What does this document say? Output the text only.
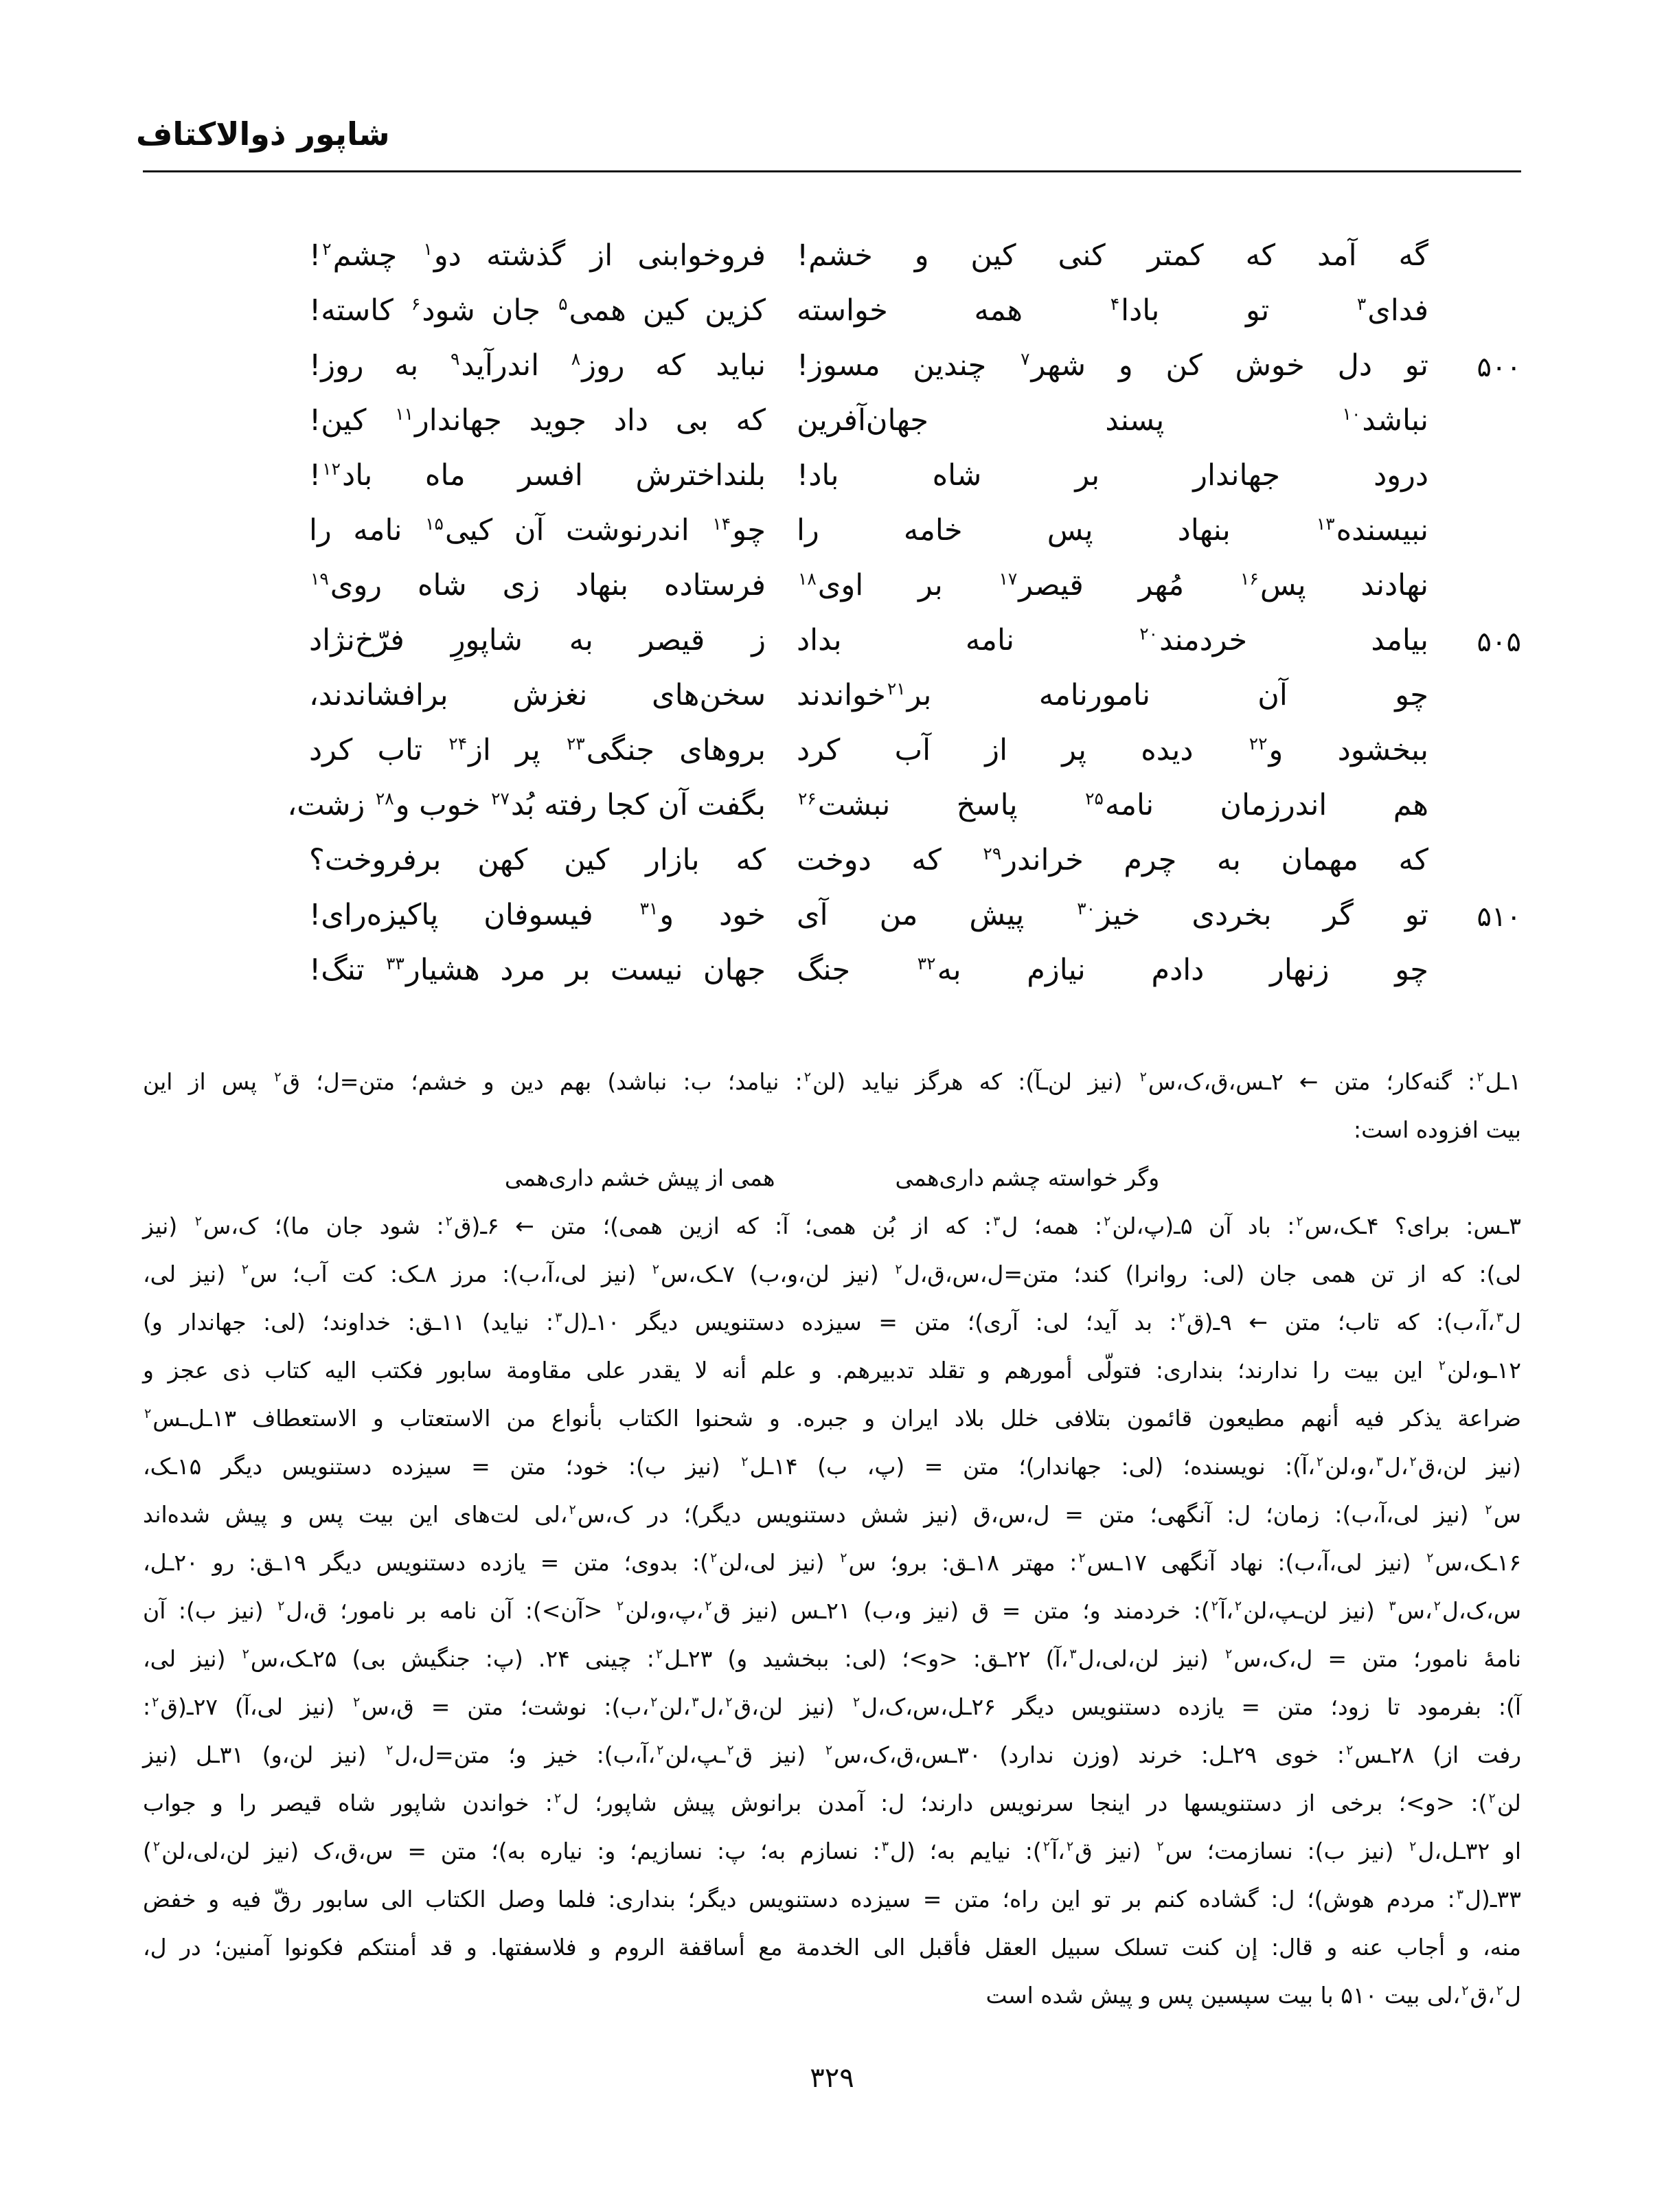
شاپور ذوالاکتاف
گه آمد که کمتر کنی کین و خشم!
فروخوابنی از گذشته دو$^۱$ چشم$^۲$!
فدای$^۳$ تو بادا$^۴$ همه خواسته
کزین کین همی$^۵$ جان شود$^۶$ کاسته!
۵۰۰
تو دل خوش کن و شهر$^۷$ چندین مسوز!
نباید که روز$^۸$ اندرآید$^۹$ به روز!
نباشد$^{۱۰}$ پسند جهان‌آفرین
که بی داد جوید جهاندار$^{۱۱}$ کین!
درود جهاندار بر شاه باد!
بلنداخترش افسر ماه باد$^{۱۲}$!
نبیسنده$^{۱۳}$ بنهاد پس خامه را
چو$^{۱۴}$ اندرنوشت آن کیی$^{۱۵}$ نامه را
نهادند پس$^{۱۶}$ مُهر قیصر$^{۱۷}$ بر اوی$^{۱۸}$
فرستاده بنهاد زی شاه روی$^{۱۹}$
۵۰۵
بیامد خردمند$^{۲۰}$ نامه بداد
ز قیصر به شاپورِ فرّخ‌نژاد
چو آن نامورنامه بر$^{۲۱}$خواندند
سخن‌های نغزش برافشاندند،
ببخشود و$^{۲۲}$ دیده پر از آب کرد
بروهای جنگی$^{۲۳}$ پر از$^{۲۴}$ تاب کرد
هم اندرزمان نامه$^{۲۵}$ پاسخ نبشت$^{۲۶}$
بگفت آن کجا رفته بُد$^{۲۷}$ خوب و$^{۲۸}$ زشت،
که مهمان به چرم خراندر$^{۲۹}$ که دوخت
که بازار کین کهن برفروخت؟
۵۱۰
تو گر بخردی خیز$^{۳۰}$ پیش من آی
خود و$^{۳۱}$ فیسوفان پاکیزه‌رای!
چو زنهار دادم نیازم به$^{۳۲}$ جنگ
جهان نیست بر مرد هشیار$^{۳۳}$ تنگ!
۱ـل$^۲$: گنه‌کار؛ متن ← ۲ـس،ق،ک،س$^۲$ (نیز لن‌ـآ): که هرگز نیاید (لن$^۲$: نیامد؛ ب: نباشد) بهم دین و خشم؛ متن=ل؛ ق$^۲$ پس از این
بیت افزوده است:
وگر خواسته چشم داری‌همی
همی از پیش خشم داری‌همی
۳ـس: برای؟ ۴ـک،س$^۲$: باد آن ۵ـ(پ،لن$^۲$: همه؛ ل$^۳$: که از بُن همی؛ آ: که ازین همی)؛ متن ← ۶ـ(ق$^۲$: شود جان ما)؛ ک،س$^۲$ (نیز
لی): که از تن همی جان (لی: روانرا) کند؛ متن=ل،س،ق،ل$^۲$ (نیز لن،و،ب) ۷ـک،س$^۲$ (نیز لی،آ،ب): مرز ۸ـک: کت آب؛ س$^۲$ (نیز لی،
ل$^۳$،آ،ب): که تاب؛ متن ← ۹ـ(ق$^۲$: بد آید؛ لی: آری)؛ متن = سیزده دستنویس دیگر ۱۰ـ(ل$^۳$: نیاید) ۱۱ـق: خداوند؛ (لی: جهاندار و)
۱۲ـو،لن$^۲$ این بیت را ندارند؛ بنداری: فتولّی أمورهم و تقلد تدبیرهم. و علم أنه لا یقدر علی مقاومة سابور فکتب الیه کتاب ذی عجز و
ضراعة یذکر فیه أنهم مطیعون قائمون بتلافی خلل بلاد ایران و جبره. و شحنوا الکتاب بأنواع من الاستعتاب و الاستعطاف ۱۳ـل‌ـس$^۲$
(نیز لن،ق$^۲$،ل$^۳$،و،لن$^۲$،آ): نویسنده؛ (لی: جهاندار)؛ متن = (پ، ب) ۱۴ـل$^۲$ (نیز ب): خود؛ متن = سیزده دستنویس دیگر ۱۵ـک،
س$^۲$ (نیز لی،آ،ب): زمان؛ ل: آنگهی؛ متن = ل،س،ق (نیز شش دستنویس دیگر)؛ در ک،س$^۲$،لی لت‌های این بیت پس و پیش شده‌اند
۱۶ـک،س$^۲$ (نیز لی،آ،ب): نهاد آنگهی ۱۷ـس$^۲$: مهتر ۱۸ـق: برو؛ س$^۲$ (نیز لی،لن$^۲$): بدوی؛ متن = یازده دستنویس دیگر ۱۹ـق: رو ۲۰ـل،
س،ک،ل$^۲$،س$^۳$ (نیز لن‌ـپ،لن$^۲$،آ$^۲$): خردمند و؛ متن = ق (نیز و،ب) ۲۱ـس (نیز ق$^۲$،پ،و،لن$^۲$ <آن>): آن نامه بر نامور؛ ق،ل$^۲$ (نیز ب): آن
نامهٔ نامور؛ متن = ل،ک،س$^۲$ (نیز لن،لی،ل$^۳$،آ) ۲۲ـق: <و>؛ (لی: ببخشید و) ۲۳ـل$^۲$: چینی ۲۴. (پ: جنگیش بی) ۲۵ـک،س$^۲$ (نیز لی،
آ): بفرمود تا زود؛ متن = یازده دستنویس دیگر ۲۶ـل،س،ک،ل$^۲$ (نیز لن،ق$^۲$،ل$^۳$،لن$^۲$،ب): نوشت؛ متن = ق،س$^۲$ (نیز لی،آ) ۲۷ـ(ق$^۲$:
رفت از) ۲۸ـس$^۲$: خوی ۲۹ـل: خرند (وزن ندارد) ۳۰ـس،ق،ک،س$^۲$ (نیز ق$^۲$ـپ،لن$^۲$،آ،ب): خیز و؛ متن=ل،ل$^۲$ (نیز لن،و) ۳۱ـل (نیز
لن$^۲$): <و>؛ برخی از دستنویسها در اینجا سرنویس دارند؛ ل: آمدن برانوش پیش شاپور؛ ل$^۲$: خواندن شاپور شاه قیصر را و جواب
او ۳۲ـل،ل$^۲$ (نیز ب): نسازمت؛ س$^۲$ (نیز ق$^۲$،آ$^۲$): نیایم به؛ (ل$^۳$: نسازم به؛ پ: نسازیم؛ و: نیاره به)؛ متن = س،ق،ک (نیز لن،لی،لن$^۲$)
۳۳ـ(ل$^۳$: مردم هوش)؛ ل: گشاده کنم بر تو این راه؛ متن = سیزده دستنویس دیگر؛ بنداری: فلما وصل الکتاب الی سابور رقّ فیه و خفض
منه، و أجاب عنه و قال: إن کنت تسلک سبیل العقل فأقبل الی الخدمة مع أساقفة الروم و فلاسفتها. و قد أمنتکم فکونوا آمنین؛ در ل،
ل$^۲$،ق$^۲$،لی بیت ۵۱۰ با بیت سپسین پس و پیش شده است
۳۲۹
